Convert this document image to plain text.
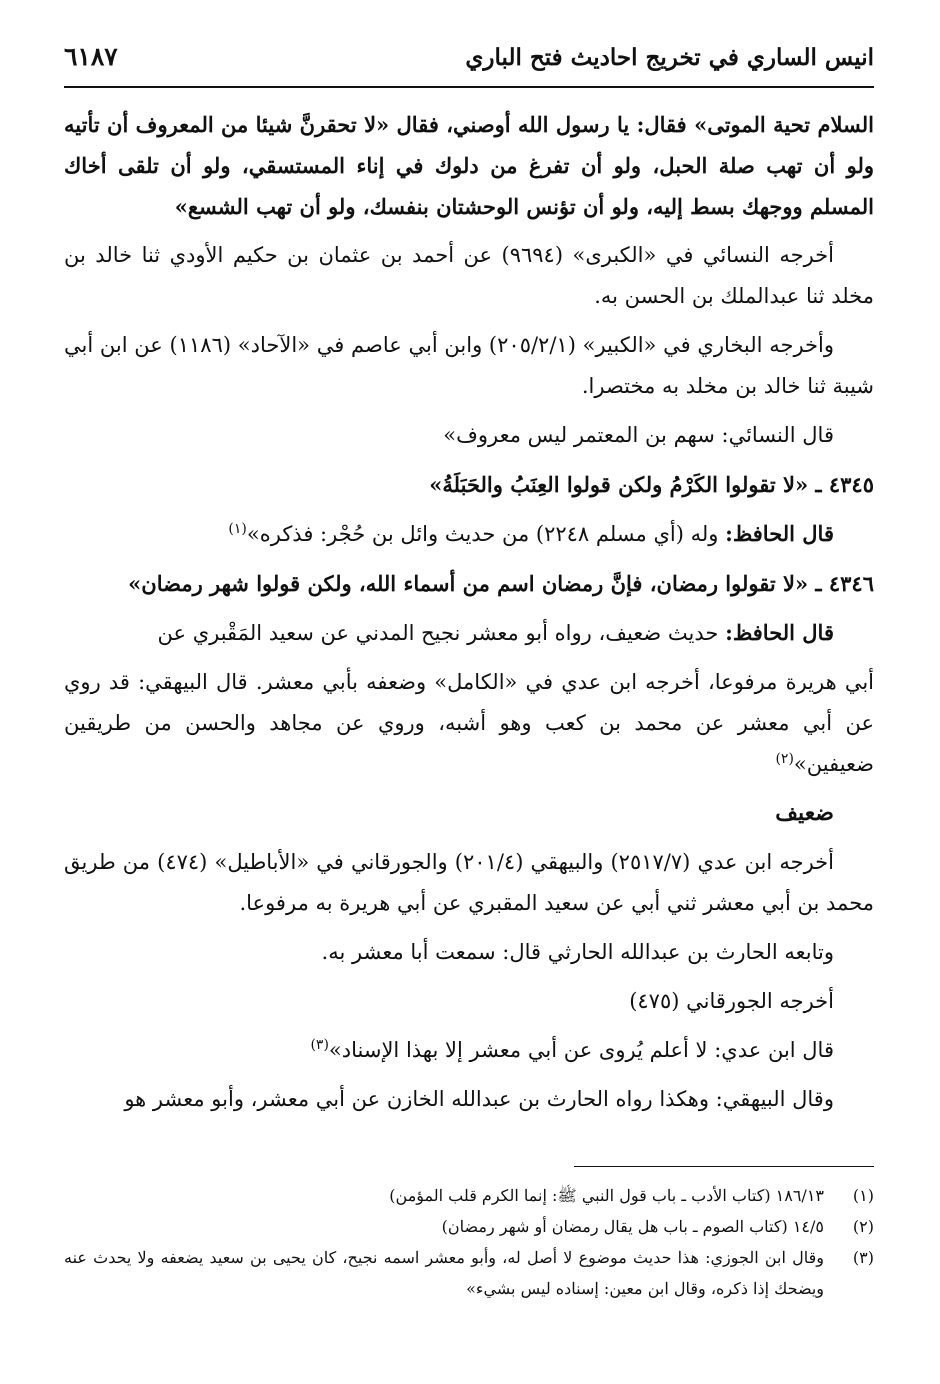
انيس الساري في تخريج احاديث فتح الباري
٦١٨٧

السلام تحية الموتى» فقال: يا رسول الله أوصني، فقال «لا تحقرنَّ شيئا من المعروف أن تأتيه ولو أن تهب صلة الحبل، ولو أن تفرغ من دلوك في إناء المستسقي، ولو أن تلقى أخاك المسلم ووجهك بسط إليه، ولو أن تؤنس الوحشتان بنفسك، ولو أن تهب الشسع»

أخرجه النسائي في «الكبرى» (٩٦٩٤) عن أحمد بن عثمان بن حكيم الأودي ثنا خالد بن مخلد ثنا عبدالملك بن الحسن به.

وأخرجه البخاري في «الكبير» (٢٠٥/٢/١) وابن أبي عاصم في «الآحاد» (١١٨٦) عن ابن أبي شيبة ثنا خالد بن مخلد به مختصرا.

قال النسائي: سهم بن المعتمر ليس معروف»

٤٣٤٥ ـ «لا تقولوا الكَرْمُ ولكن قولوا العِنَبُ والحَبَلَةُ»

قال الحافظ: وله (أي مسلم ٢٢٤٨) من حديث وائل بن حُجْر: فذكره»$^{(١)}$

٤٣٤٦ ـ «لا تقولوا رمضان، فإنَّ رمضان اسم من أسماء الله، ولكن قولوا شهر رمضان»

قال الحافظ: حديث ضعيف، رواه أبو معشر نجيح المدني عن سعيد المَقْبري عن

أبي هريرة مرفوعا، أخرجه ابن عدي في «الكامل» وضعفه بأبي معشر. قال البيهقي: قد روي عن أبي معشر عن محمد بن كعب وهو أشبه، وروي عن مجاهد والحسن من طريقين ضعيفين»$^{(٢)}$

ضعيف

أخرجه ابن عدي (٢٥١٧/٧) والبيهقي (٢٠١/٤) والجورقاني في «الأباطيل» (٤٧٤) من طريق محمد بن أبي معشر ثني أبي عن سعيد المقبري عن أبي هريرة به مرفوعا.

وتابعه الحارث بن عبدالله الحارثي قال: سمعت أبا معشر به.

أخرجه الجورقاني (٤٧٥)

قال ابن عدي: لا أعلم يُروى عن أبي معشر إلا بهذا الإسناد»$^{(٣)}$

وقال البيهقي: وهكذا رواه الحارث بن عبدالله الخازن عن أبي معشر، وأبو معشر هو

(١)
١٨٦/١٣ (كتاب الأدب ـ باب قول النبي ﷺ: إنما الكرم قلب المؤمن)
(٢)
١٤/٥ (كتاب الصوم ـ باب هل يقال رمضان أو شهر رمضان)
(٣)
وقال ابن الجوزي: هذا حديث موضوع لا أصل له، وأبو معشر اسمه نجيح، كان يحيى بن سعيد يضعفه ولا يحدث عنه ويضحك إذا ذكره، وقال ابن معين: إسناده ليس بشيء»
